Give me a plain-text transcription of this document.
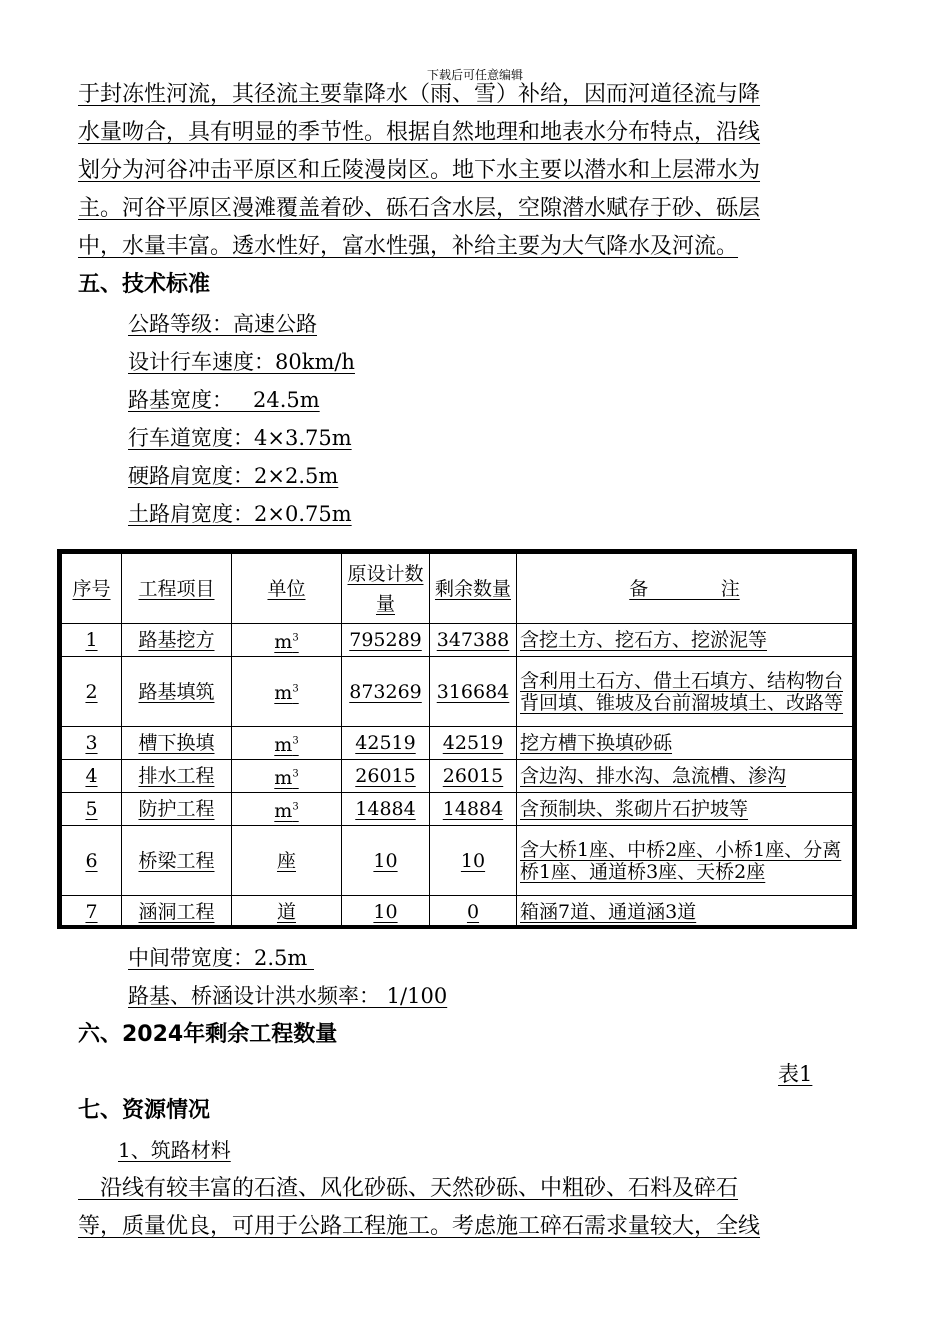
下载后可任意编辑
于封冻性河流，其径流主要靠降水（雨、雪）补给，因而河道径流与降
水量吻合，具有明显的季节性。根据自然地理和地表水分布特点，沿线
划分为河谷冲击平原区和丘陵漫岗区。地下水主要以潜水和上层滞水为
主。河谷平原区漫滩覆盖着砂、砾石含水层，空隙潜水赋存于砂、砾层
中，水量丰富。透水性好，富水性强，补给主要为大气降水及河流。
五、技术标准
公路等级：高速公路
设计行车速度：80km/h
路基宽度：   24.5m
行车道宽度：4×3.75m
硬路肩宽度：2×2.5m
土路肩宽度：2×0.75m
序号	工程项目	单位	原设计数量	剩余数量	备            注
1	路基挖方	$m^3$	795289	347388	含挖土方、挖石方、挖淤泥等
2	路基填筑	$m^3$	873269	316684	含利用土石方、借土石填方、结构物台背回填、锥坡及台前溜坡填土、改路等
3	槽下换填	$m^3$	42519	42519	挖方槽下换填砂砾
4	排水工程	$m^3$	26015	26015	含边沟、排水沟、急流槽、渗沟
5	防护工程	$m^3$	14884	14884	含预制块、浆砌片石护坡等
6	桥梁工程	座	10	10	含大桥1座、中桥2座、小桥1座、分离桥1座、通道桥3座、天桥2座
7	涵洞工程	道	10	0	箱涵7道、通道涵3道
中间带宽度：2.5m
路基、桥涵设计洪水频率： 1/100
六、2024年剩余工程数量
表1
七、资源情况
1、筑路材料
　沿线有较丰富的石渣、风化砂砾、天然砂砾、中粗砂、石料及碎石
等，质量优良，可用于公路工程施工。考虑施工碎石需求量较大，全线
